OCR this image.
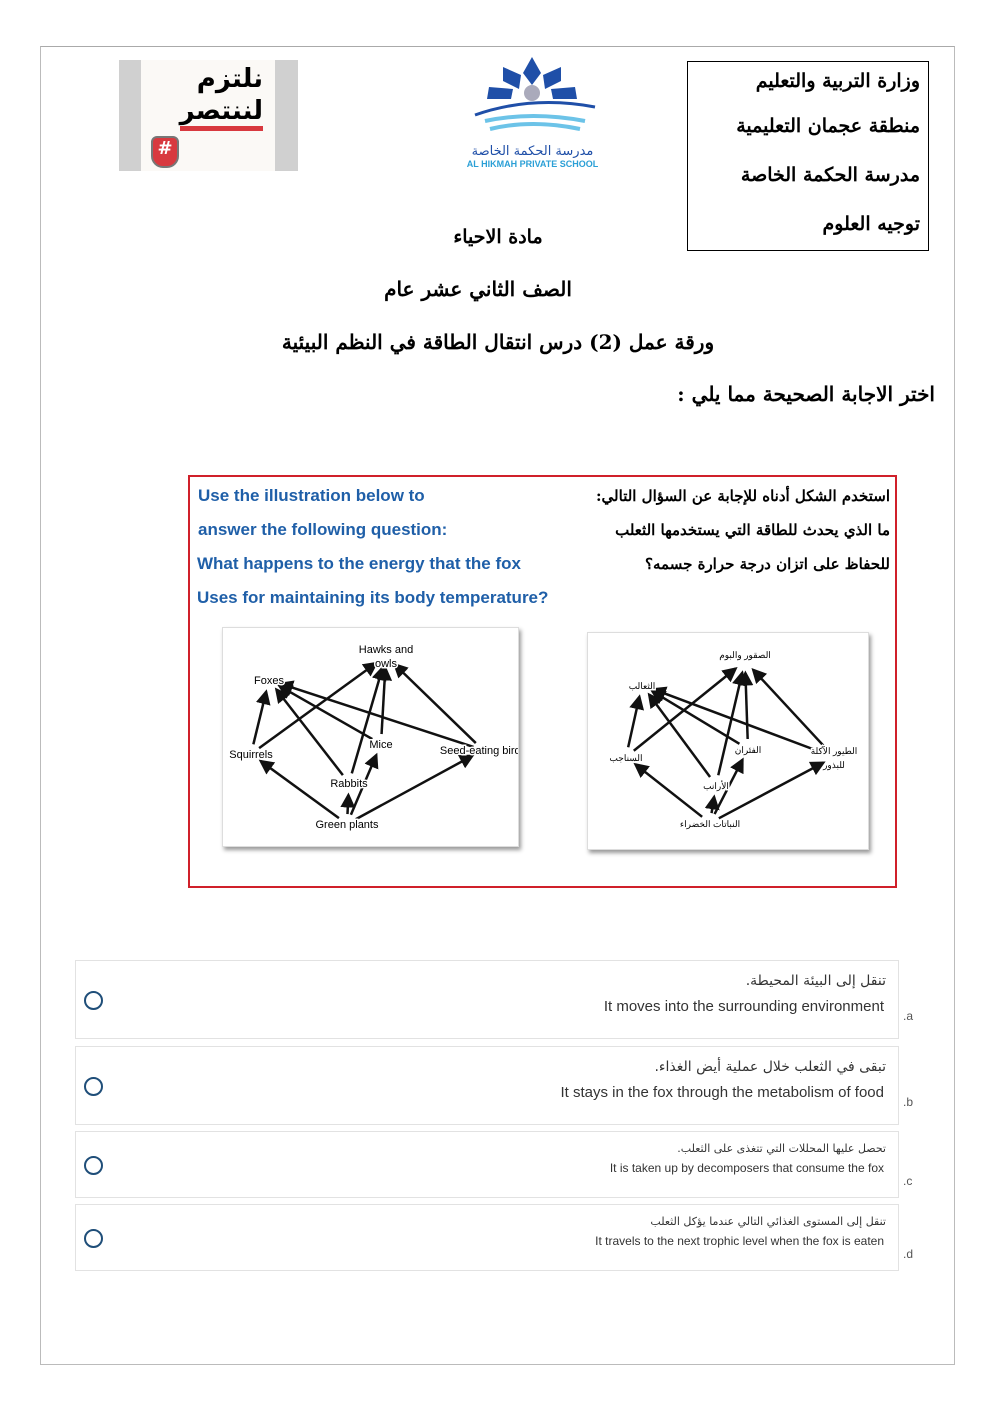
نلتزم
لننتصر
#	مدرسة الحكمة الخاصة
AL HIKMAH PRIVATE SCHOOL
وزارة التربية والتعليم
منطقة عجمان التعليمية
مدرسة الحكمة الخاصة
توجيه العلوم
مادة الاحياء
الصف الثاني عشر عام
ورقة عمل (2) درس انتقال الطاقة في النظم البيئية
اختر الاجابة الصحيحة مما يلي :
Use the illustration below to
answer the following question:
What happens to the energy that the fox
Uses for maintaining its body temperature?
استخدم الشكل أدناه للإجابة عن السؤال التالي:
ما الذي يحدث للطاقة التي يستخدمها الثعلب
للحفاظ على اتزان درجة حرارة جسمه؟
Hawks and
owls
Foxes
Squirrels
Mice	Seed-eating birds
Rabbits
Green plants
الصقور والبوم
الثعالب
السناجب
الفئران	الطيور الآكلة
للبذور
الأرانب
النباتات الخضراء
تنقل إلى البيئة المحيطة.
It moves into the surrounding environment
.a
تبقى في الثعلب خلال عملية أيض الغذاء.
It stays in the fox through the metabolism of food
.b
تحصل عليها المحللات التي تتغذى على الثعلب.
It is taken up by decomposers that consume the fox
.c
تنقل إلى المستوى الغذائي التالي عندما يؤكل الثعلب
It travels to the next trophic level when the fox is eaten
.d
